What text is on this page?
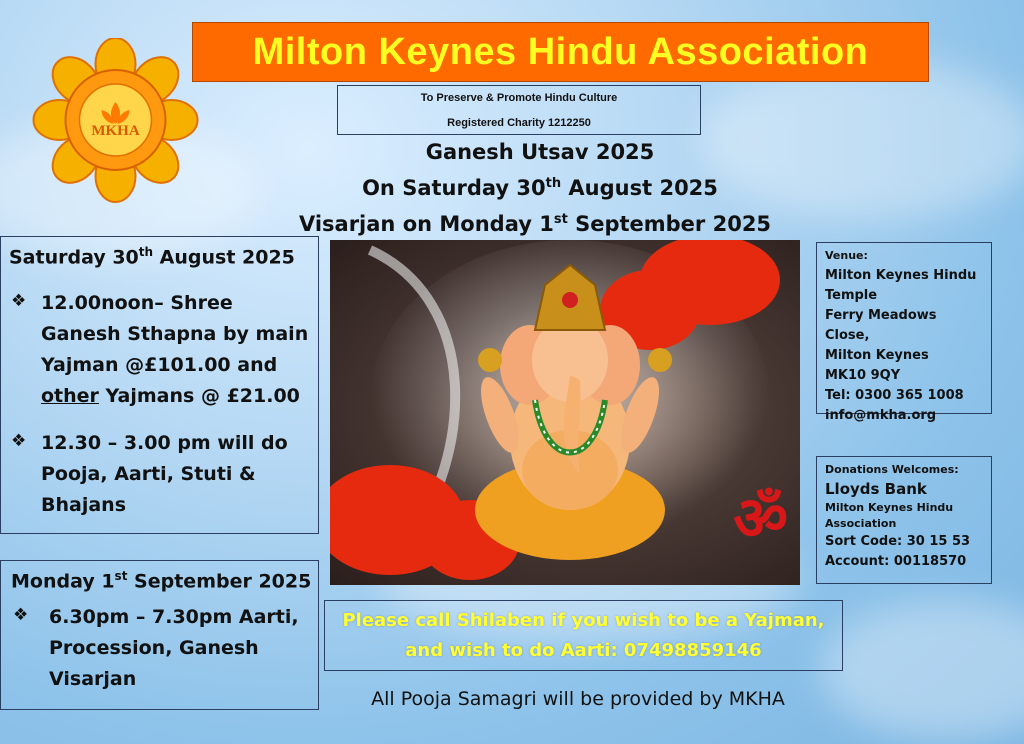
MKHA
Milton Keynes Hindu Association
To Preserve & Promote Hindu Culture
Registered Charity 1212250
Ganesh Utsav 2025
On Saturday 30th August 2025
Visarjan on Monday 1st September 2025
Saturday 30th August 2025
❖ 12.00noon– Shree Ganesh Sthapna by main Yajman @£101.00 and other Yajmans @ £21.00
❖ 12.30 – 3.00 pm will do Pooja, Aarti, Stuti & Bhajans
Monday 1st September 2025
❖	6.30pm – 7.30pm Aarti, Procession, Ganesh Visarjan
ॐ
Venue:
Milton Keynes Hindu Temple
Ferry Meadows Close,
Milton Keynes
MK10 9QY
Tel: 0300 365 1008
info@mkha.org
Donations Welcomes:
Lloyds Bank
Milton Keynes Hindu Association
Sort Code: 30 15 53
Account: 00118570
Please call Shilaben if you wish to be a Yajman,
and wish to do Aarti: 07498859146
All Pooja Samagri will be provided by MKHA
